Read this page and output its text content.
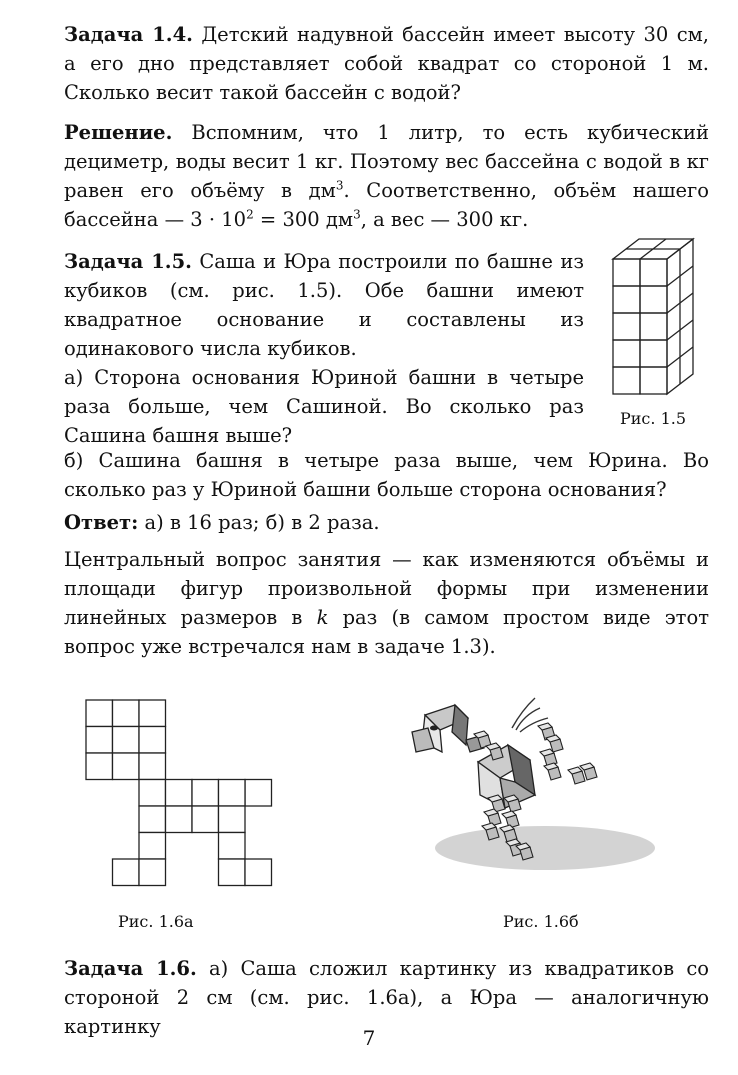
Задача 1.4. Детский надувной бассейн имеет высоту 30 см, а его дно представляет собой квадрат со стороной 1 м. Сколько весит такой бассейн с водой?

Решение. Вспомним, что 1 литр, то есть кубический дециметр, воды весит 1 кг. Поэтому вес бассейна с водой в кг равен его объёму в $дм^3$. Соответственно, объём нашего бассейна — $3 \cdot 10^2 = 300$ $дм^3$, а вес — 300 кг.

Задача 1.5. Саша и Юра построили по башне из кубиков (см. рис. 1.5). Обе башни имеют квадратное основание и составлены из одинакового числа кубиков.

а) Сторона основания Юриной башни в четыре раза больше, чем Сашиной. Во сколько раз Сашина башня выше?

Рис. 1.5

б) Сашина башня в четыре раза выше, чем Юрина. Во сколько раз у Юриной башни больше сторона основания?

Ответ: а) в 16 раз; б) в 2 раза.

Центральный вопрос занятия — как изменяются объёмы и площади фигур произвольной формы при изменении линейных размеров в k раз (в самом простом виде этот вопрос уже встречался нам в задаче 1.3).

Рис. 1.6а	Рис. 1.6б

Задача 1.6. а) Саша сложил картинку из квадратиков со стороной 2 см (см. рис. 1.6а), а Юра — аналогичную картинку	7
